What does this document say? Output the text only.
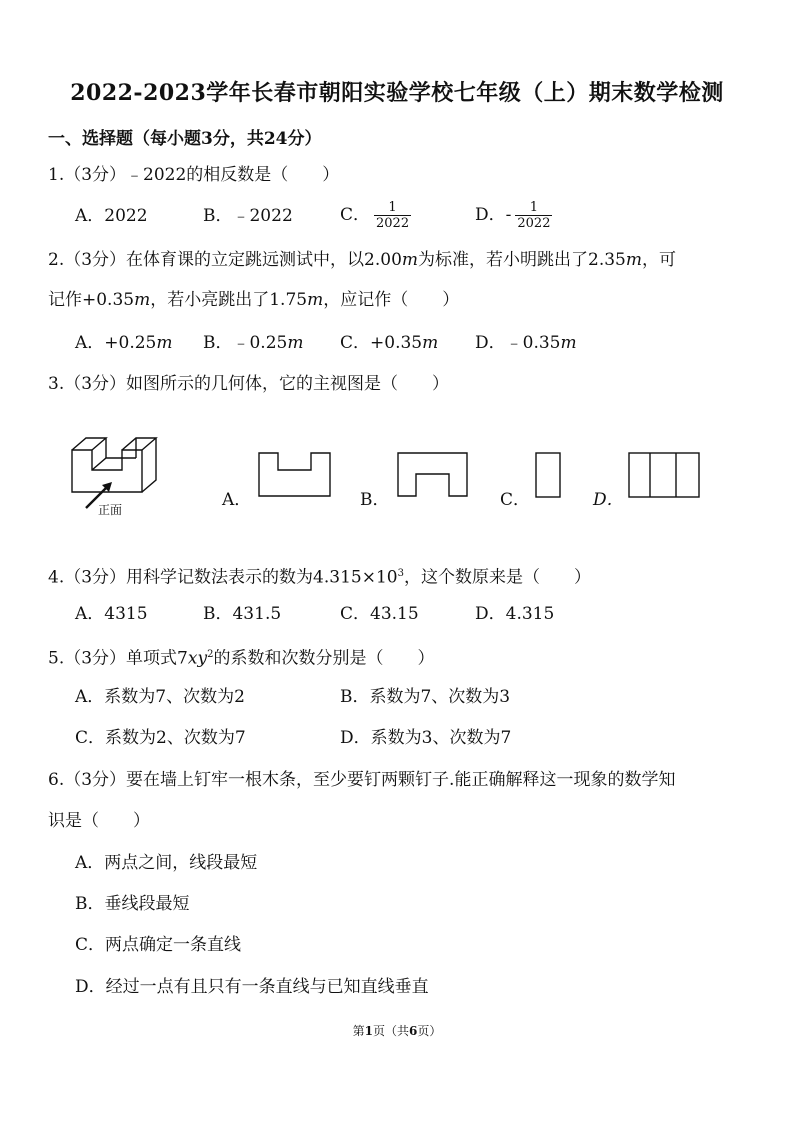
2022-2023学年长春市朝阳实验学校七年级（上）期末数学检测
一、选择题（每小题3分，共24分）
1.（3分）﹣2022的相反数是（　　）
A．2022	B．﹣2022	C． $\frac{1}{2022}$	D．- $\frac{1}{2022}$
2.（3分）在体育课的立定跳远测试中，以2.00m为标准，若小明跳出了2.35m，可
记作+0.35m，若小亮跳出了1.75m，应记作（　　）
A．+0.25m B．﹣0.25m C．+0.35m D．﹣0.35m
3.（3分）如图所示的几何体，它的主视图是（　　）
正面	A．	B．	C．	D．
4.（3分）用科学记数法表示的数为$4.315\times 10^3$，这个数原来是（　　）
A．4315	B．431.5	C．43.15	D．4.315
5.（3分）单项式$7xy^2$的系数和次数分别是（　　）
A．系数为7、次数为2	B．系数为7、次数为3
C．系数为2、次数为7	D．系数为3、次数为7
6.（3分）要在墙上钉牢一根木条，至少要钉两颗钉子.能正确解释这一现象的数学知
识是（　　）
A．两点之间，线段最短
B．垂线段最短
C．两点确定一条直线
D．经过一点有且只有一条直线与已知直线垂直
第1页（共6页）
